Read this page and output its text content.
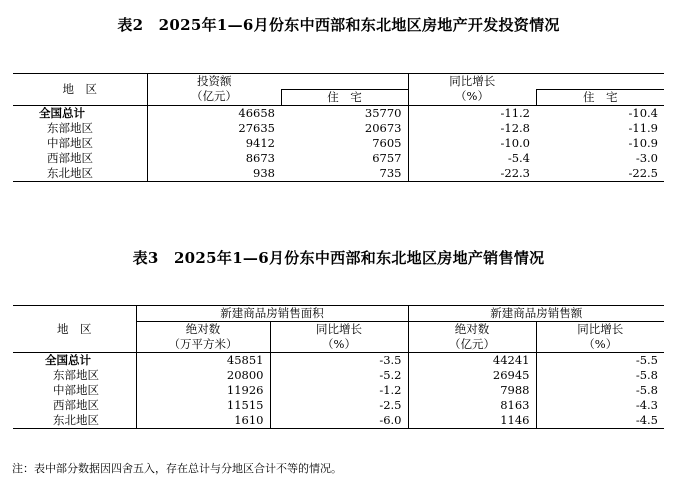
表2　2025年1—6月份东中西部和东北地区房地产开发投资情况
地　区	投资额		同比增长	
	（亿元）	住　宅	（%）	住　宅
全国总计	46658	35770	-11.2	-10.4
东部地区	27635	20673	-12.8	-11.9
中部地区	9412	7605	-10.0	-10.9
西部地区	8673	6757	-5.4	-3.0
东北地区	938	735	-22.3	-22.5
表3　2025年1—6月份东中西部和东北地区房地产销售情况
地　区	新建商品房销售面积		新建商品房销售额	
	绝对数	同比增长	绝对数	同比增长
	（万平方米）	（%）	（亿元）	（%）
全国总计	45851	-3.5	44241	-5.5
东部地区	20800	-5.2	26945	-5.8
中部地区	11926	-1.2	7988	-5.8
西部地区	11515	-2.5	8163	-4.3
东北地区	1610	-6.0	1146	-4.5
注：表中部分数据因四舍五入，存在总计与分地区合计不等的情况。
